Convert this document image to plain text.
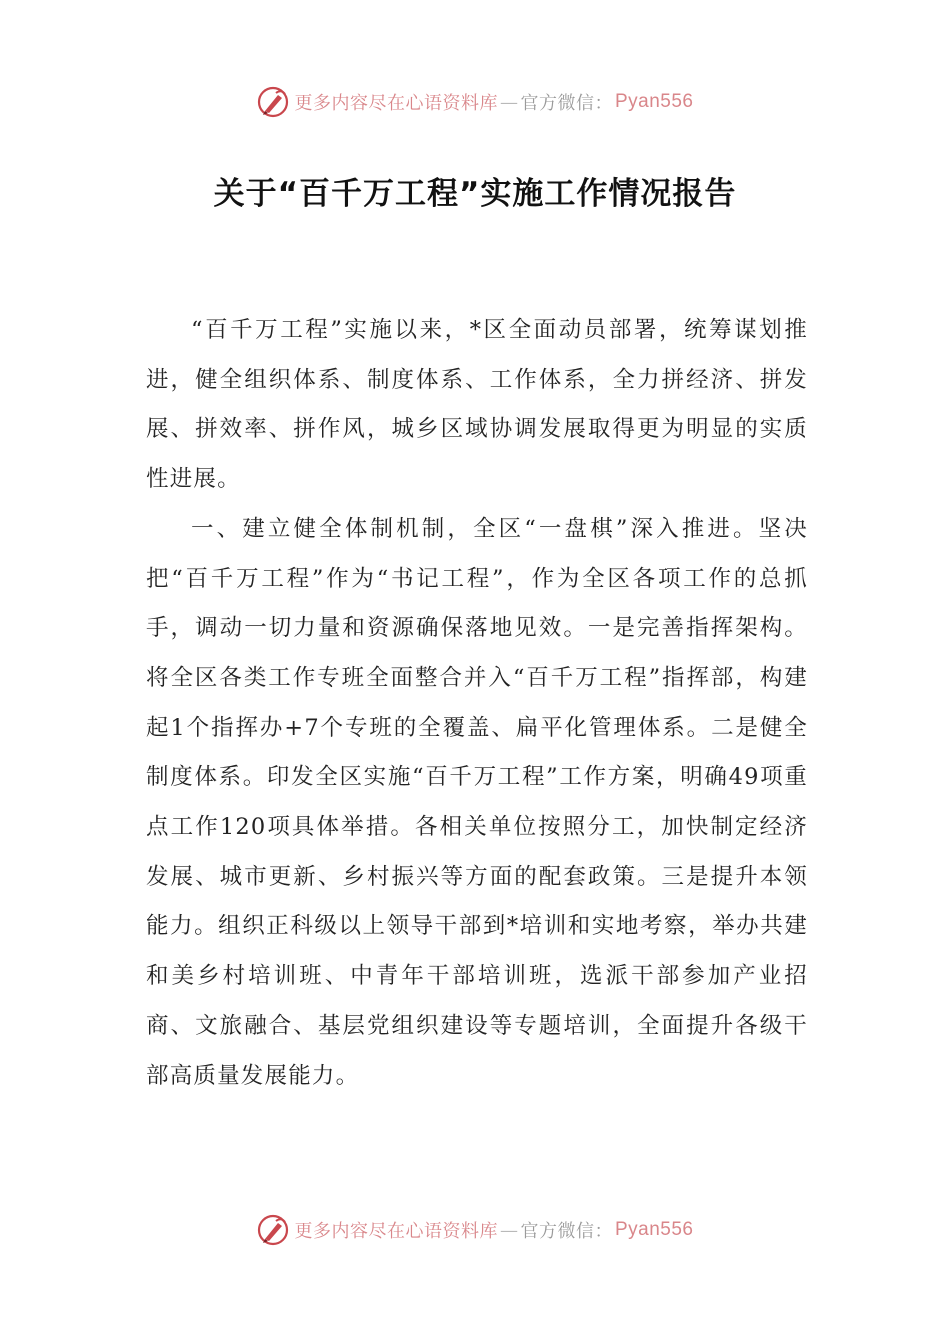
更多内容尽在心语资料库 — 官方微信： Pyan556
关于“百千万工程”实施工作情况报告

“百千万工程”实施以来，*区全面动员部署，统筹谋划推进，健全组织体系、制度体系、工作体系，全力拼经济、拼发展、拼效率、拼作风，城乡区域协调发展取得更为明显的实质性进展。

一、建立健全体制机制，全区“一盘棋”深入推进。坚决把“百千万工程”作为“书记工程”，作为全区各项工作的总抓手，调动一切力量和资源确保落地见效。一是完善指挥架构。将全区各类工作专班全面整合并入“百千万工程”指挥部，构建起1个指挥办+7个专班的全覆盖、扁平化管理体系。二是健全制度体系。印发全区实施“百千万工程”工作方案，明确49项重点工作120项具体举措。各相关单位按照分工，加快制定经济发展、城市更新、乡村振兴等方面的配套政策。三是提升本领能力。组织正科级以上领导干部到*培训和实地考察，举办共建和美乡村培训班、中青年干部培训班，选派干部参加产业招商、文旅融合、基层党组织建设等专题培训，全面提升各级干部高质量发展能力。

更多内容尽在心语资料库 — 官方微信： Pyan556
